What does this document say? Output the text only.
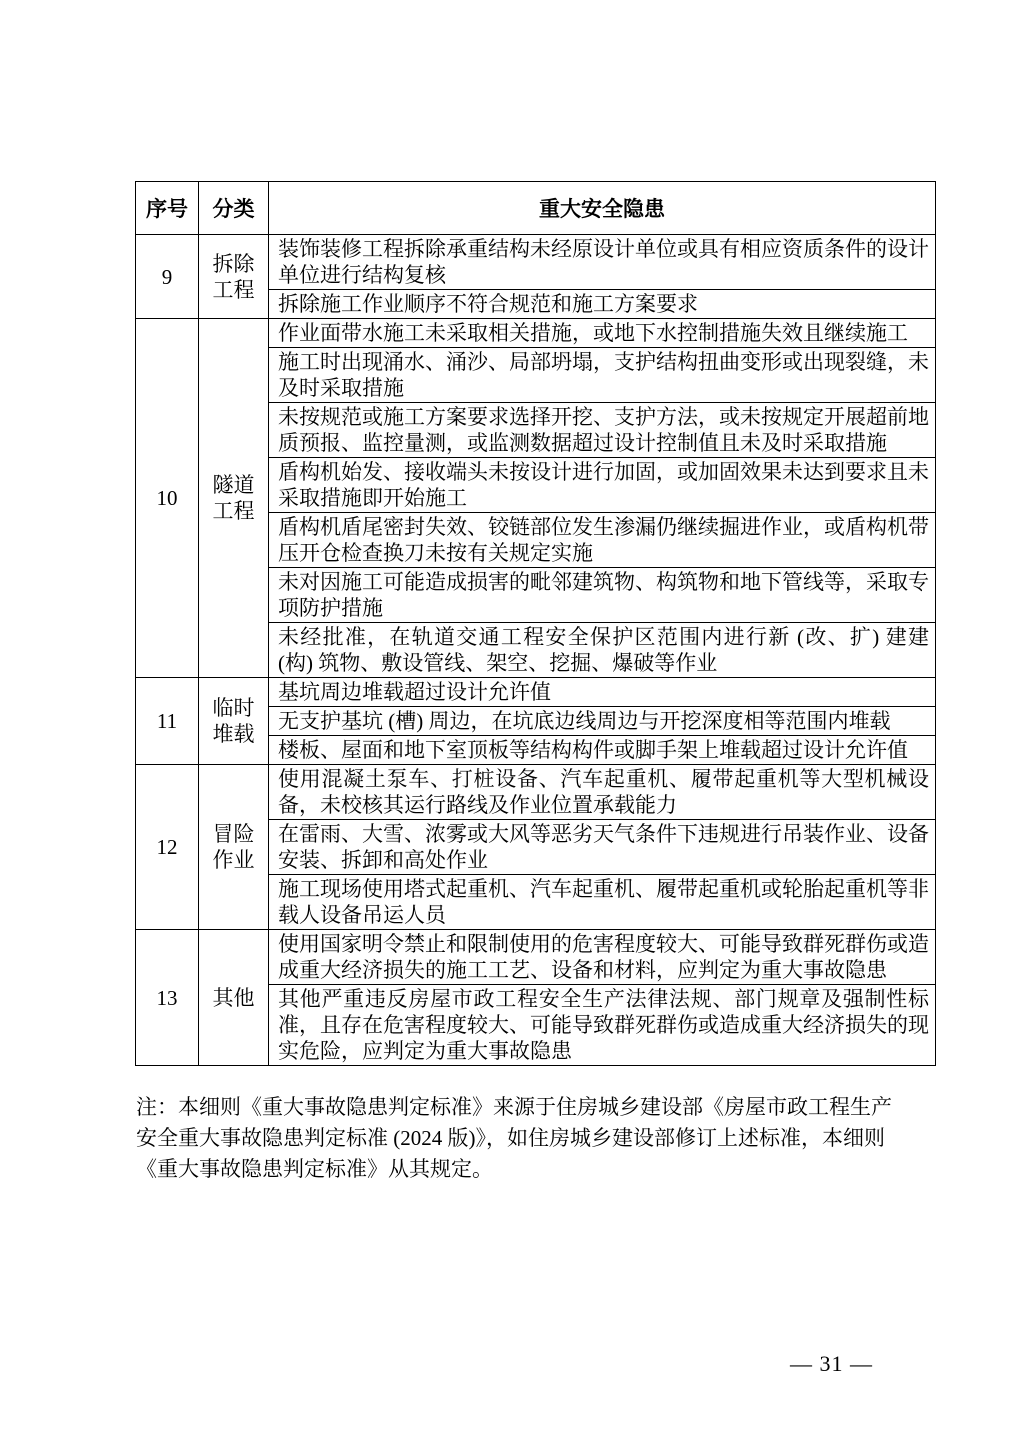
序号	分类	重大安全隐患
9	拆除工程	装饰装修工程拆除承重结构未经原设计单位或具有相应资质条件的设计单位进行结构复核
		拆除施工作业顺序不符合规范和施工方案要求
10	隧道工程	作业面带水施工未采取相关措施，或地下水控制措施失效且继续施工
		施工时出现涌水、涌沙、局部坍塌，支护结构扭曲变形或出现裂缝，未及时采取措施
		未按规范或施工方案要求选择开挖、支护方法，或未按规定开展超前地质预报、监控量测，或监测数据超过设计控制值且未及时采取措施
		盾构机始发、接收端头未按设计进行加固，或加固效果未达到要求且未采取措施即开始施工
		盾构机盾尾密封失效、铰链部位发生渗漏仍继续掘进作业，或盾构机带压开仓检查换刀未按有关规定实施
		未对因施工可能造成损害的毗邻建筑物、构筑物和地下管线等，采取专项防护措施
		未经批准，在轨道交通工程安全保护区范围内进行新 (改、扩) 建建 (构) 筑物、敷设管线、架空、挖掘、爆破等作业
11	临时堆载	基坑周边堆载超过设计允许值
		无支护基坑 (槽) 周边，在坑底边线周边与开挖深度相等范围内堆载
		楼板、屋面和地下室顶板等结构构件或脚手架上堆载超过设计允许值
12	冒险作业	使用混凝土泵车、打桩设备、汽车起重机、履带起重机等大型机械设备，未校核其运行路线及作业位置承载能力
		在雷雨、大雪、浓雾或大风等恶劣天气条件下违规进行吊装作业、设备安装、拆卸和高处作业
		施工现场使用塔式起重机、汽车起重机、履带起重机或轮胎起重机等非载人设备吊运人员
13	其他	使用国家明令禁止和限制使用的危害程度较大、可能导致群死群伤或造成重大经济损失的施工工艺、设备和材料，应判定为重大事故隐患
		其他严重违反房屋市政工程安全生产法律法规、部门规章及强制性标准，且存在危害程度较大、可能导致群死群伤或造成重大经济损失的现实危险，应判定为重大事故隐患
注：本细则《重大事故隐患判定标准》来源于住房城乡建设部《房屋市政工程生产
安全重大事故隐患判定标准 (2024 版)》，如住房城乡建设部修订上述标准，本细则
《重大事故隐患判定标准》从其规定。
— 31 —
